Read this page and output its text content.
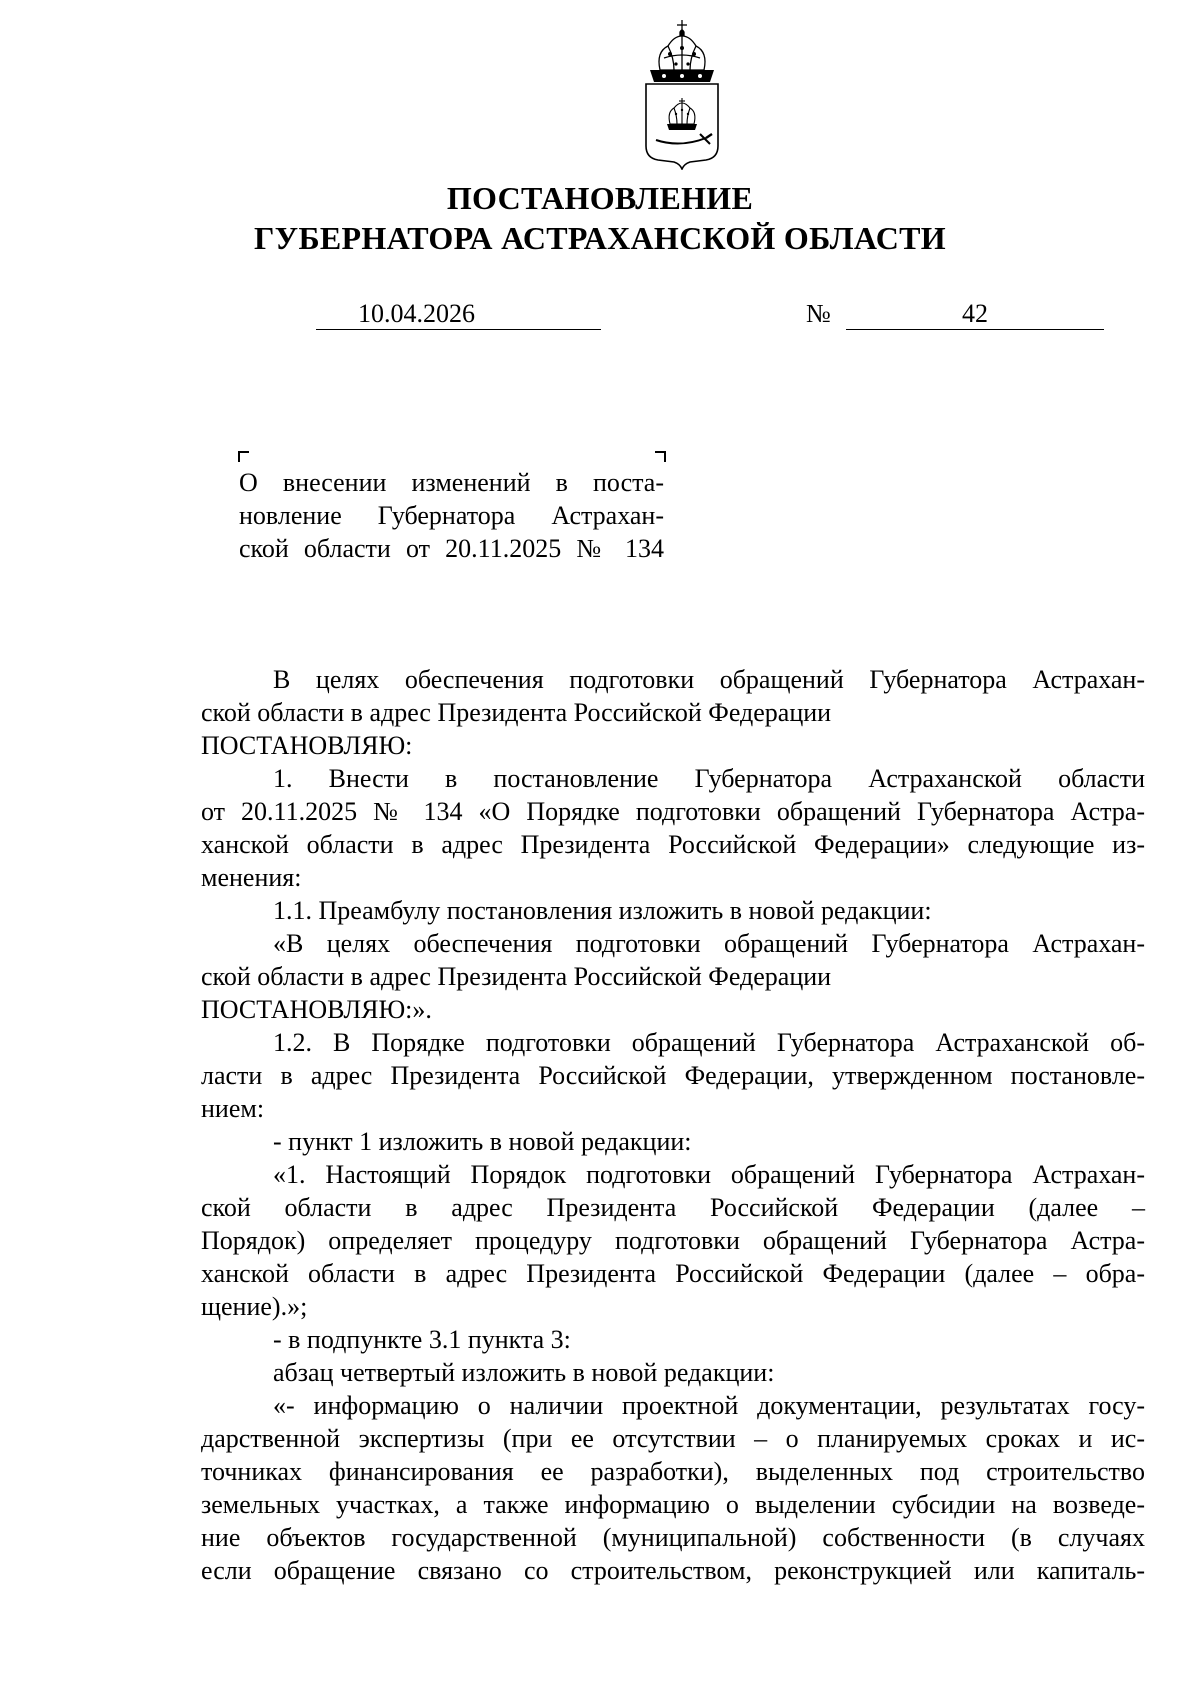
ПОСТАНОВЛЕНИЕ
ГУБЕРНАТОРА АСТРАХАНСКОЙ ОБЛАСТИ
10.04.2026	№	42
О внесении изменений в поста-
новление Губернатора Астрахан-
ской области от 20.11.2025 № 134
В целях обеспечения подготовки обращений Губернатора Астрахан-
ской области в адрес Президента Российской Федерации
ПОСТАНОВЛЯЮ:
1. Внести в постановление Губернатора Астраханской области
от 20.11.2025 № 134 «О Порядке подготовки обращений Губернатора Астра-
ханской области в адрес Президента Российской Федерации» следующие из-
менения:
1.1. Преамбулу постановления изложить в новой редакции:
«В целях обеспечения подготовки обращений Губернатора Астрахан-
ской области в адрес Президента Российской Федерации
ПОСТАНОВЛЯЮ:».
1.2. В Порядке подготовки обращений Губернатора Астраханской об-
ласти в адрес Президента Российской Федерации, утвержденном постановле-
нием:
- пункт 1 изложить в новой редакции:
«1. Настоящий Порядок подготовки обращений Губернатора Астрахан-
ской области в адрес Президента Российской Федерации (далее –
Порядок) определяет процедуру подготовки обращений Губернатора Астра-
ханской области в адрес Президента Российской Федерации (далее – обра-
щение).»;
- в подпункте 3.1 пункта 3:
абзац четвертый изложить в новой редакции:
«- информацию о наличии проектной документации, результатах госу-
дарственной экспертизы (при ее отсутствии – о планируемых сроках и ис-
точниках финансирования ее разработки), выделенных под строительство
земельных участках, а также информацию о выделении субсидии на возведе-
ние объектов государственной (муниципальной) собственности (в случаях
если обращение связано со строительством, реконструкцией или капиталь-
